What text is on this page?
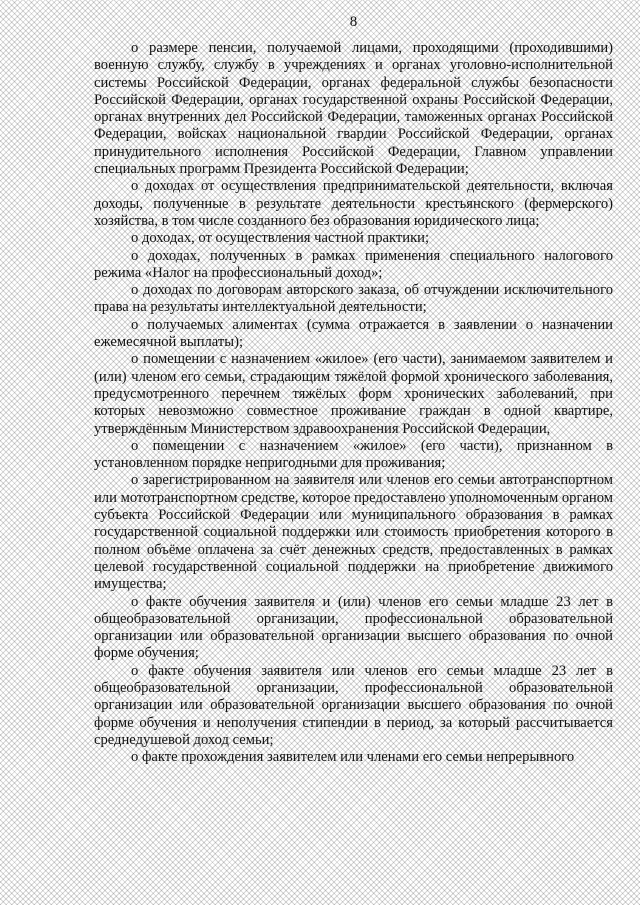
8

о размере пенсии, получаемой лицами, проходящими (проходившими) военную службу, службу в учреждениях и органах уголовно-исполнительной системы Российской Федерации, органах федеральной службы безопасности Российской Федерации, органах государственной охраны Российской Федерации, органах внутренних дел Российской Федерации, таможенных органах Российской Федерации, войсках национальной гвардии Российской Федерации, органах принудительного исполнения Российской Федерации, Главном управлении специальных программ Президента Российской Федерации;

о доходах от осуществления предпринимательской деятельности, включая доходы, полученные в результате деятельности крестьянского (фермерского) хозяйства, в том числе созданного без образования юридического лица;

о доходах, от осуществления частной практики;

о доходах, полученных в рамках применения специального налогового режима «Налог на профессиональный доход»;

о доходах по договорам авторского заказа, об отчуждении исключительного права на результаты интеллектуальной деятельности;

о получаемых алиментах (сумма отражается в заявлении о назначении ежемесячной выплаты);

о помещении с назначением «жилое» (его части), занимаемом заявителем и (или) членом его семьи, страдающим тяжёлой формой хронического заболевания, предусмотренного перечнем тяжёлых форм хронических заболеваний, при которых невозможно совместное проживание граждан в одной квартире, утверждённым Министерством здравоохранения Российской Федерации,

о помещении с назначением «жилое» (его части), признанном в установленном порядке непригодными для проживания;

о зарегистрированном на заявителя или членов его семьи автотранспортном или мототранспортном средстве, которое предоставлено уполномоченным органом субъекта Российской Федерации или муниципального образования в рамках государственной социальной поддержки или стоимость приобретения которого в полном объёме оплачена за счёт денежных средств, предоставленных в рамках целевой государственной социальной поддержки на приобретение движимого имущества;

о факте обучения заявителя и (или) членов его семьи младше 23 лет в общеобразовательной организации, профессиональной образовательной организации или образовательной организации высшего образования по очной форме обучения;

о факте обучения заявителя или членов его семьи младше 23 лет в общеобразовательной организации, профессиональной образовательной организации или образовательной организации высшего образования по очной форме обучения и неполучения стипендии в период, за который рассчитывается среднедушевой доход семьи;

о факте прохождения заявителем или членами его семьи непрерывного
